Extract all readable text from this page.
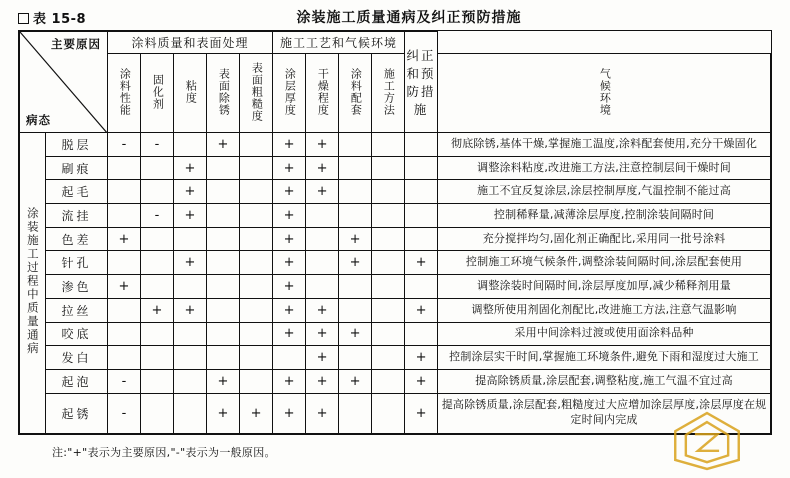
表 15-8	涂装施工质量通病及纠正预防措施
主要原因
病态		涂料质量和表面处理					施工工艺和气候环境				纠正和预防措施	
		涂料性能	固化剂	粘度	表面除锈	表面粗糙度	涂层厚度	干燥程度	涂料配套	施工方法		气候环境
涂装施工过程中质量通病	脱层	-	-		+		+	+				彻底除锈,基体干燥,掌握施工温度,涂料配套使用,充分干燥固化
	刷痕			+			+	+				调整涂料粘度,改进施工方法,注意控制层间干燥时间
	起毛			+			+	+				施工不宜反复涂层,涂层控制厚度,气温控制不能过高
	流挂		-	+			+					控制稀释量,减薄涂层厚度,控制涂装间隔时间
	色差	+					+		+			充分搅拌均匀,固化剂正确配比,采用同一批号涂料
	针孔			+			+		+		+	控制施工环境气候条件,调整涂装间隔时间,涂层配套使用
	渗色	+					+					调整涂装时间隔时间,涂层厚度加厚,减少稀释剂用量
	拉丝		+	+			+	+			+	调整所使用剂固化剂配比,改进施工方法,注意气温影响
	咬底						+	+	+			采用中间涂料过渡或使用面涂料品种
	发白							+			+	控制涂层实干时间,掌握施工环境条件,避免下雨和湿度过大施工
	起泡	-			+		+	+	+		+	提高除锈质量,涂层配套,调整粘度,施工气温不宜过高
	起锈	-			+	+	+	+			+	提高除锈质量,涂层配套,粗糙度过大应增加涂层厚度,涂层厚度在规定时间内完成
注:"+"表示为主要原因,"-"表示为一般原因。
